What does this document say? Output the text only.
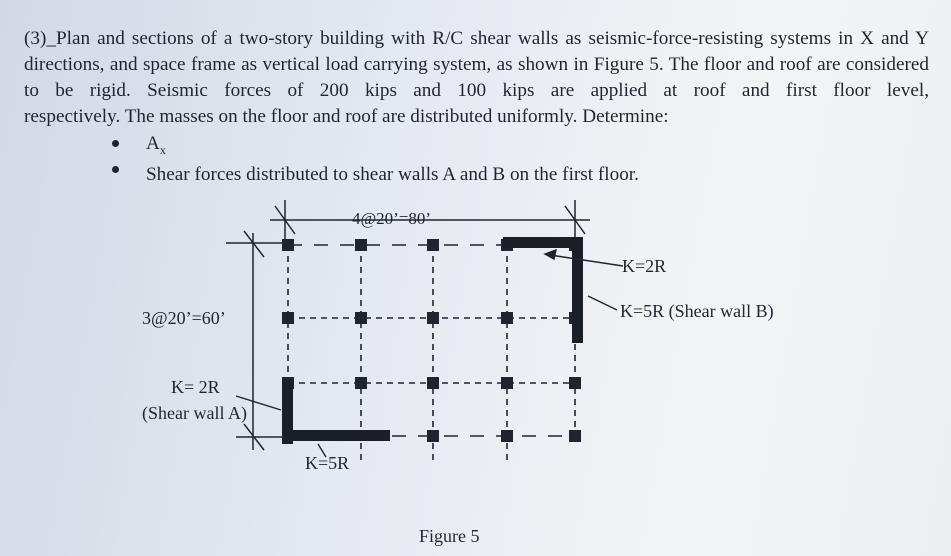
(3)_Plan and sections of a two-story building with R/C shear walls as seismic-force-resisting systems in X and Y directions, and space frame as vertical load carrying system, as shown in Figure 5. The floor and roof are considered to be rigid. Seismic forces of 200 kips and 100 kips are applied at roof and first floor level,

respectively. The masses on the floor and roof are distributed uniformly. Determine:

$A_x$
Shear forces distributed to shear walls A and B on the first floor.
4@20’=80’
3@20’=60’
K=2R
K=5R (Shear wall B)
K= 2R
(Shear wall A)
K=5R
Figure 5
